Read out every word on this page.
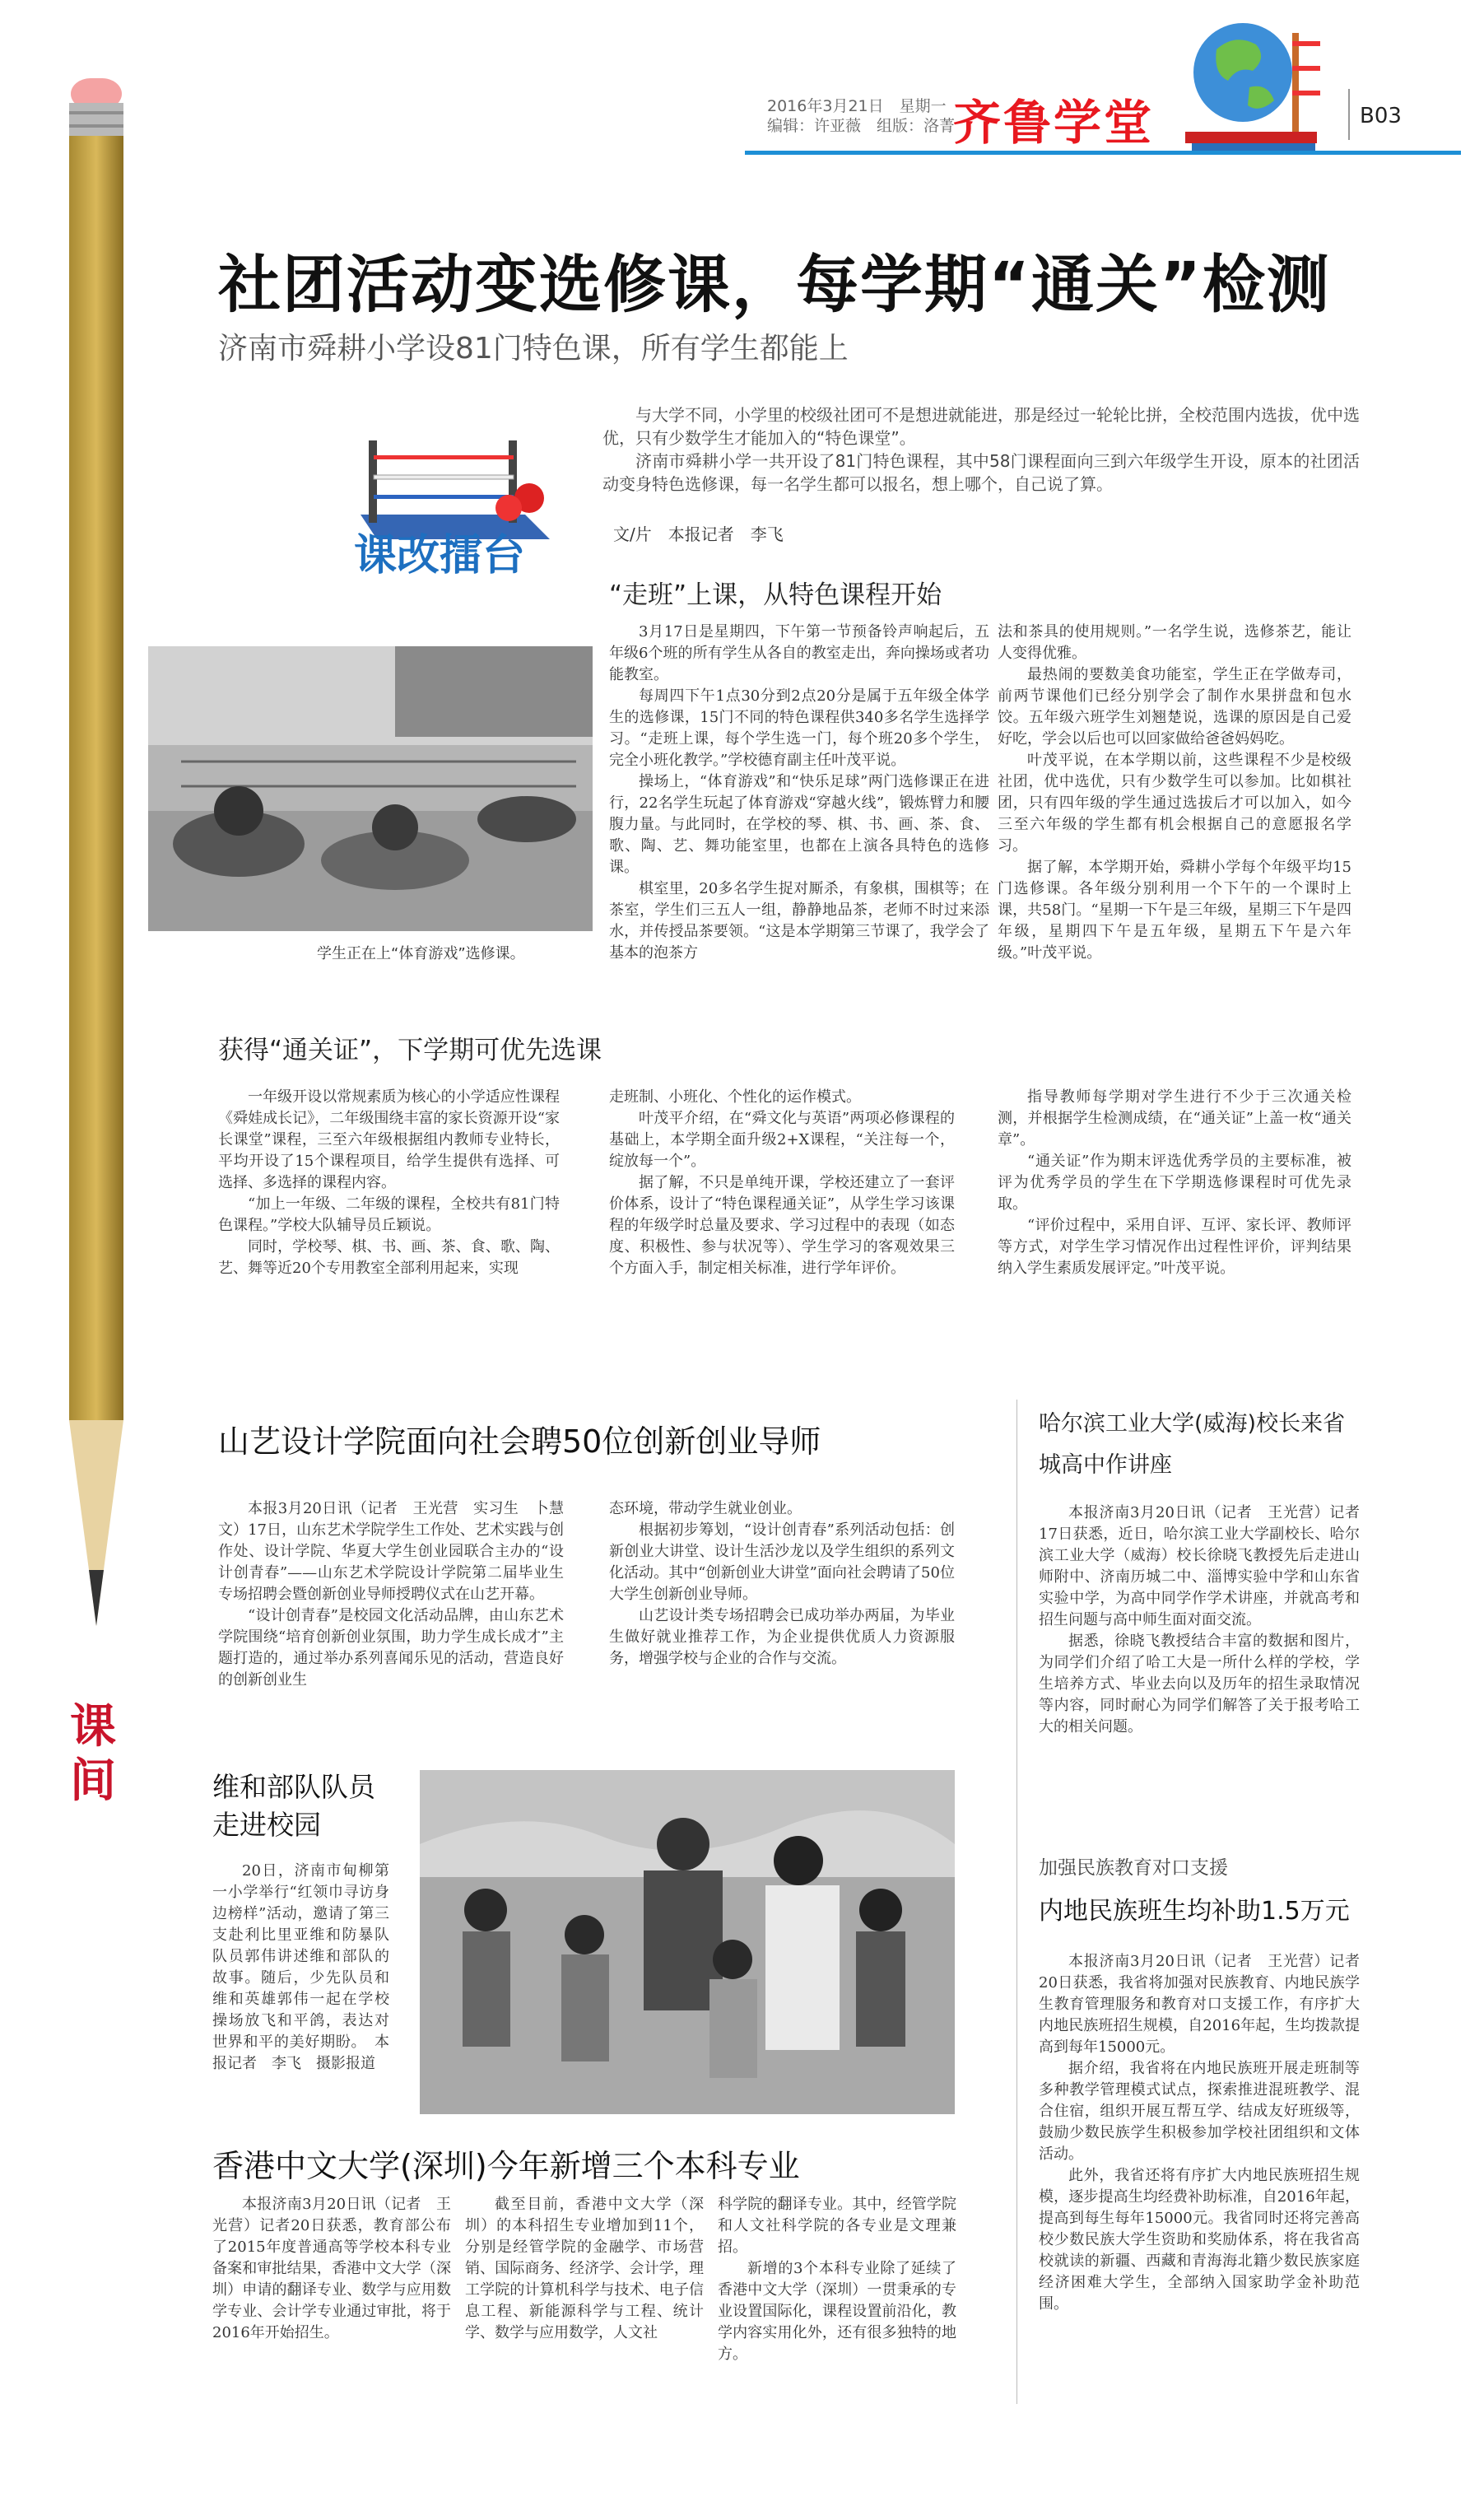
2016年3月21日　星期一
编辑：许亚薇　组版：洛菁
齐鲁学堂	B03
社团活动变选修课，每学期“通关”检测
济南市舜耕小学设81门特色课，所有学生都能上
课改擂台

与大学不同，小学里的校级社团可不是想进就能进，那是经过一轮轮比拼，全校范围内选拔，优中选优，只有少数学生才能加入的“特色课堂”。

济南市舜耕小学一共开设了81门特色课程，其中58门课程面向三到六年级学生开设，原本的社团活动变身特色选修课，每一名学生都可以报名，想上哪个，自己说了算。

文/片　本报记者　李飞
“走班”上课，从特色课程开始
学生正在上“体育游戏”选修课。

3月17日是星期四，下午第一节预备铃声响起后，五年级6个班的所有学生从各自的教室走出，奔向操场或者功能教室。

每周四下午1点30分到2点20分是属于五年级全体学生的选修课，15门不同的特色课程供340多名学生选择学习。“走班上课，每个学生选一门，每个班20多个学生，完全小班化教学。”学校德育副主任叶茂平说。

操场上，“体育游戏”和“快乐足球”两门选修课正在进行，22名学生玩起了体育游戏“穿越火线”，锻炼臂力和腰腹力量。与此同时，在学校的琴、棋、书、画、茶、食、歌、陶、艺、舞功能室里，也都在上演各具特色的选修课。

棋室里，20多名学生捉对厮杀，有象棋，围棋等；在茶室，学生们三五人一组，静静地品茶，老师不时过来添水，并传授品茶要领。“这是本学期第三节课了，我学会了基本的泡茶方

法和茶具的使用规则。”一名学生说，选修茶艺，能让人变得优雅。

最热闹的要数美食功能室，学生正在学做寿司，前两节课他们已经分别学会了制作水果拼盘和包水饺。五年级六班学生刘翘楚说，选课的原因是自己爱好吃，学会以后也可以回家做给爸爸妈妈吃。

叶茂平说，在本学期以前，这些课程不少是校级社团，优中选优，只有少数学生可以参加。比如棋社团，只有四年级的学生通过选拔后才可以加入，如今三至六年级的学生都有机会根据自己的意愿报名学习。

据了解，本学期开始，舜耕小学每个年级平均15门选修课。各年级分别利用一个下午的一个课时上课，共58门。“星期一下午是三年级，星期三下午是四年级，星期四下午是五年级，星期五下午是六年级。”叶茂平说。

获得“通关证”，下学期可优先选课

一年级开设以常规素质为核心的小学适应性课程《舜娃成长记》，二年级围绕丰富的家长资源开设“家长课堂”课程，三至六年级根据组内教师专业特长，平均开设了15个课程项目，给学生提供有选择、可选择、多选择的课程内容。

“加上一年级、二年级的课程，全校共有81门特色课程。”学校大队辅导员丘颖说。

同时，学校琴、棋、书、画、茶、食、歌、陶、艺、舞等近20个专用教室全部利用起来，实现

走班制、小班化、个性化的运作模式。

叶茂平介绍，在“舜文化与英语”两项必修课程的基础上，本学期全面升级2+X课程，“关注每一个，绽放每一个”。

据了解，不只是单纯开课，学校还建立了一套评价体系，设计了“特色课程通关证”，从学生学习该课程的年级学时总量及要求、学习过程中的表现（如态度、积极性、参与状况等）、学生学习的客观效果三个方面入手，制定相关标准，进行学年评价。

指导教师每学期对学生进行不少于三次通关检测，并根据学生检测成绩，在“通关证”上盖一枚“通关章”。

“通关证”作为期末评选优秀学员的主要标准，被评为优秀学员的学生在下学期选修课程时可优先录取。

“评价过程中，采用自评、互评、家长评、教师评等方式，对学生学习情况作出过程性评价，评判结果纳入学生素质发展评定。”叶茂平说。

山艺设计学院面向社会聘50位创新创业导师

本报3月20日讯（记者　王光营　实习生　卜慧文）17日，山东艺术学院学生工作处、艺术实践与创作处、设计学院、华夏大学生创业园联合主办的“设计创青春”——山东艺术学院设计学院第二届毕业生专场招聘会暨创新创业导师授聘仪式在山艺开幕。

“设计创青春”是校园文化活动品牌，由山东艺术学院围绕“培育创新创业氛围，助力学生成长成才”主题打造的，通过举办系列喜闻乐见的活动，营造良好的创新创业生

态环境，带动学生就业创业。

根据初步筹划，“设计创青春”系列活动包括：创新创业大讲堂、设计生活沙龙以及学生组织的系列文化活动。其中“创新创业大讲堂”面向社会聘请了50位大学生创新创业导师。

山艺设计类专场招聘会已成功举办两届，为毕业生做好就业推荐工作，为企业提供优质人力资源服务，增强学校与企业的合作与交流。

课
间	维和部队队员走进校园

20日，济南市甸柳第一小学举行“红领巾寻访身边榜样”活动，邀请了第三支赴利比里亚维和防暴队队员郭伟讲述维和部队的故事。随后，少先队员和维和英雄郭伟一起在学校操场放飞和平鸽，表达对世界和平的美好期盼。　本报记者　李飞　摄影报道

香港中文大学(深圳)今年新增三个本科专业

本报济南3月20日讯（记者　王光营）记者20日获悉，教育部公布了2015年度普通高等学校本科专业备案和审批结果，香港中文大学（深圳）申请的翻译专业、数学与应用数学专业、会计学专业通过审批，将于2016年开始招生。

截至目前，香港中文大学（深圳）的本科招生专业增加到11个，分别是经管学院的金融学、市场营销、国际商务、经济学、会计学，理工学院的计算机科学与技术、电子信息工程、新能源科学与工程、统计学、数学与应用数学，人文社

科学院的翻译专业。其中，经管学院和人文社科学院的各专业是文理兼招。

新增的3个本科专业除了延续了香港中文大学（深圳）一贯秉承的专业设置国际化，课程设置前沿化，教学内容实用化外，还有很多独特的地方。

哈尔滨工业大学(威海)校长来省城高中作讲座

本报济南3月20日讯（记者　王光营）记者17日获悉，近日，哈尔滨工业大学副校长、哈尔滨工业大学（威海）校长徐晓飞教授先后走进山师附中、济南历城二中、淄博实验中学和山东省实验中学，为高中同学作学术讲座，并就高考和招生问题与高中师生面对面交流。

据悉，徐晓飞教授结合丰富的数据和图片，为同学们介绍了哈工大是一所什么样的学校，学生培养方式、毕业去向以及历年的招生录取情况等内容，同时耐心为同学们解答了关于报考哈工大的相关问题。

加强民族教育对口支援
内地民族班生均补助1.5万元

本报济南3月20日讯（记者　王光营）记者20日获悉，我省将加强对民族教育、内地民族学生教育管理服务和教育对口支援工作，有序扩大内地民族班招生规模，自2016年起，生均拨款提高到每年15000元。

据介绍，我省将在内地民族班开展走班制等多种教学管理模式试点，探索推进混班教学、混合住宿，组织开展互帮互学、结成友好班级等，鼓励少数民族学生积极参加学校社团组织和文体活动。

此外，我省还将有序扩大内地民族班招生规模，逐步提高生均经费补助标准，自2016年起，提高到每生每年15000元。我省同时还将完善高校少数民族大学生资助和奖励体系，将在我省高校就读的新疆、西藏和青海海北籍少数民族家庭经济困难大学生，全部纳入国家助学金补助范围。
